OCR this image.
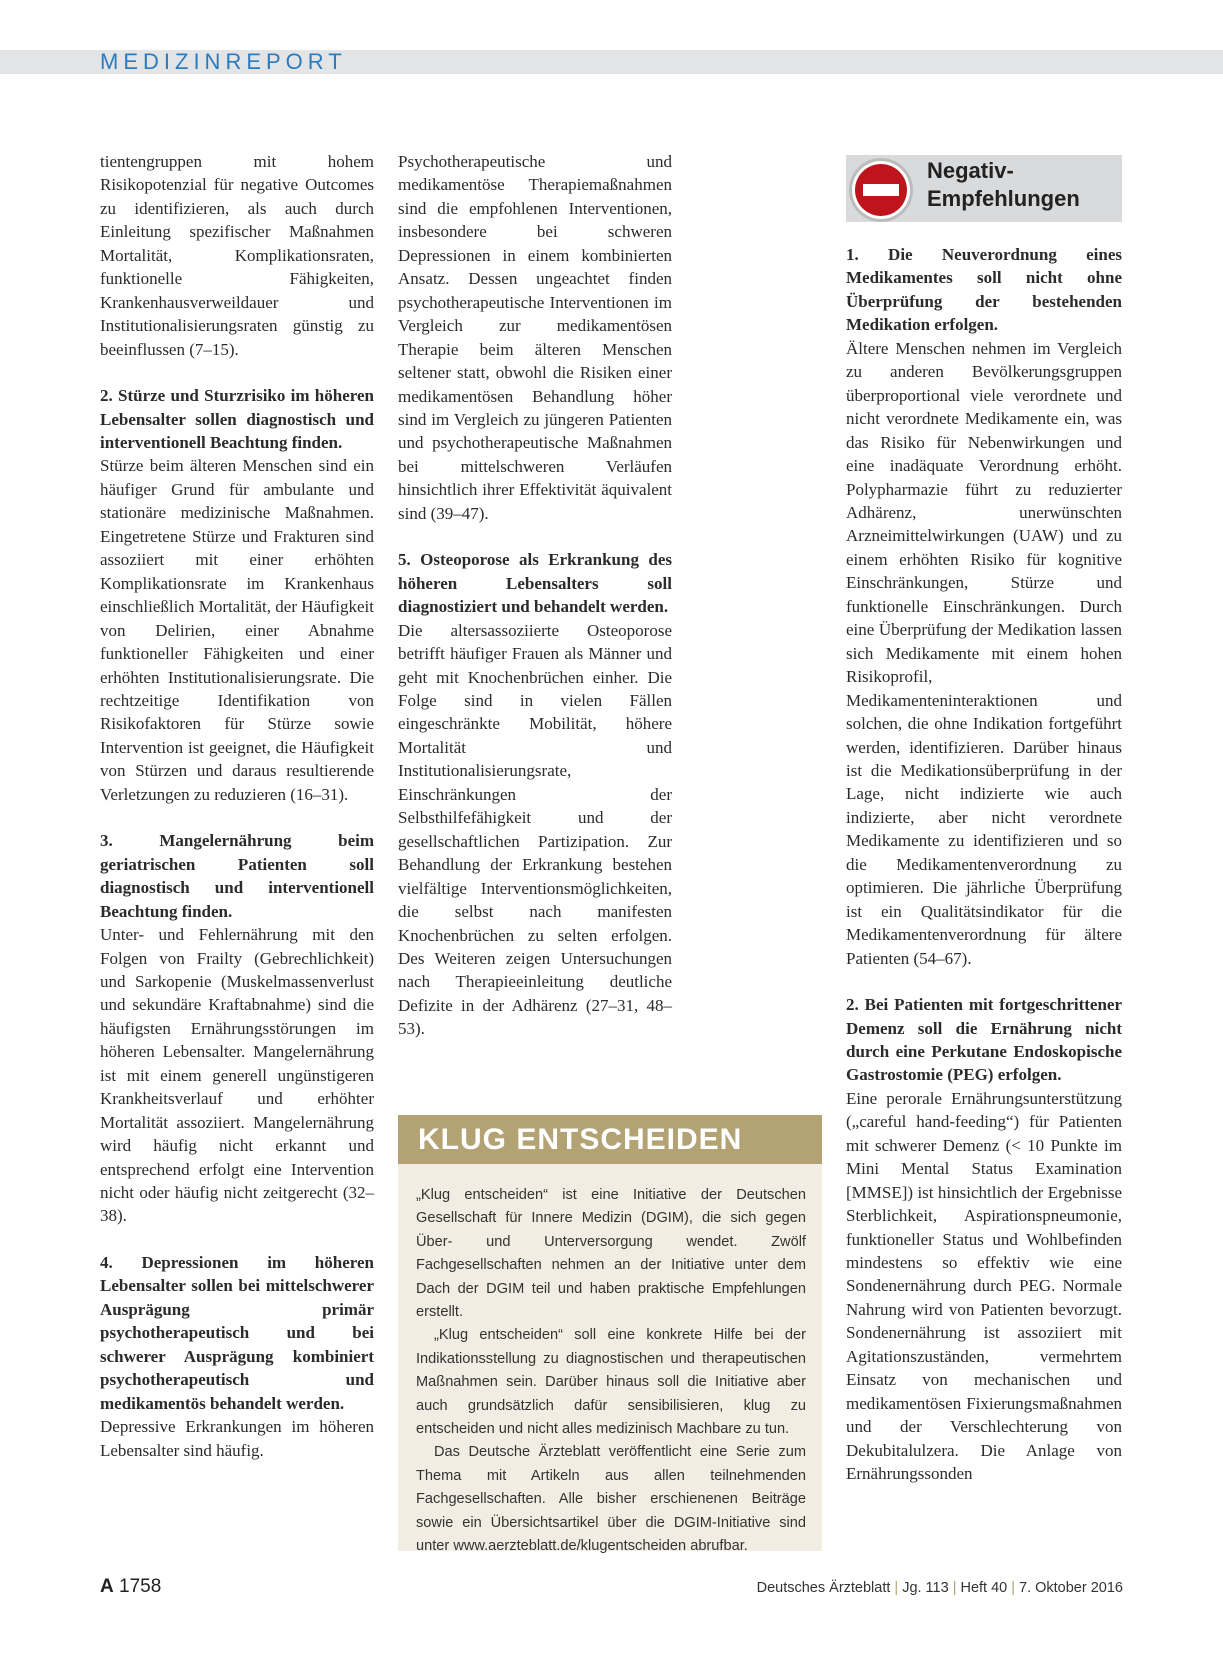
MEDIZINREPORT

tientengruppen mit hohem Risikopotenzial für negative Outcomes zu identifizieren, als auch durch Einleitung spezifischer Maßnahmen Mortalität, Komplikationsraten, funktionelle Fähigkeiten, Krankenhausverweildauer und Institutionalisierungsraten günstig zu beeinflussen (7–15).

2. Stürze und Sturzrisiko im höheren Lebensalter sollen diagnostisch und interventionell Beachtung finden.

Stürze beim älteren Menschen sind ein häufiger Grund für ambulante und stationäre medizinische Maßnahmen. Eingetretene Stürze und Frakturen sind assoziiert mit einer erhöhten Komplikationsrate im Krankenhaus einschließlich Mortalität, der Häufigkeit von Delirien, einer Abnahme funktioneller Fähigkeiten und einer erhöhten Institutionalisierungsrate. Die rechtzeitige Identifikation von Risikofaktoren für Stürze sowie Intervention ist geeignet, die Häufigkeit von Stürzen und daraus resultierende Verletzungen zu reduzieren (16–31).

3. Mangelernährung beim geriatrischen Patienten soll diagnostisch und interventionell Beachtung finden.

Unter- und Fehlernährung mit den Folgen von Frailty (Gebrechlichkeit) und Sarkopenie (Muskelmassenverlust und sekundäre Kraftabnahme) sind die häufigsten Ernährungsstörungen im höheren Lebensalter. Mangelernährung ist mit einem generell ungünstigeren Krankheitsverlauf und erhöhter Mortalität assoziiert. Mangelernährung wird häufig nicht erkannt und entsprechend erfolgt eine Intervention nicht oder häufig nicht zeitgerecht (32–38).

4. Depressionen im höheren Lebensalter sollen bei mittelschwerer Ausprägung primär psychotherapeutisch und bei schwerer Ausprägung kombiniert psychotherapeutisch und medikamentös behandelt werden.

Depressive Erkrankungen im höheren Lebensalter sind häufig.

Psychotherapeutische und medikamentöse Therapiemaßnahmen sind die empfohlenen Interventionen, insbesondere bei schweren Depressionen in einem kombinierten Ansatz. Dessen ungeachtet finden psychotherapeutische Interventionen im Vergleich zur medikamentösen Therapie beim älteren Menschen seltener statt, obwohl die Risiken einer medikamentösen Behandlung höher sind im Vergleich zu jüngeren Patienten und psychotherapeutische Maßnahmen bei mittelschweren Verläufen hinsichtlich ihrer Effektivität äquivalent sind (39–47).

5. Osteoporose als Erkrankung des höheren Lebensalters soll diagnostiziert und behandelt werden.

Die altersassoziierte Osteoporose betrifft häufiger Frauen als Männer und geht mit Knochenbrüchen einher. Die Folge sind in vielen Fällen eingeschränkte Mobilität, höhere Mortalität und Institutionalisierungsrate, Einschränkungen der Selbsthilfefähigkeit und der gesellschaftlichen Partizipation. Zur Behandlung der Erkrankung bestehen vielfältige Interventionsmöglichkeiten, die selbst nach manifesten Knochenbrüchen zu selten erfolgen. Des Weiteren zeigen Untersuchungen nach Therapieeinleitung deutliche Defizite in der Adhärenz (27–31, 48–53).

Negativ-
Empfehlungen

1. Die Neuverordnung eines Medikamentes soll nicht ohne Überprüfung der bestehenden Medikation erfolgen.

Ältere Menschen nehmen im Vergleich zu anderen Bevölkerungsgruppen überproportional viele verordnete und nicht verordnete Medikamente ein, was das Risiko für Nebenwirkungen und eine inadäquate Verordnung erhöht. Polypharmazie führt zu reduzierter Adhärenz, unerwünschten Arzneimittelwirkungen (UAW) und zu einem erhöhten Risiko für kognitive Einschränkungen, Stürze und funktionelle Einschränkungen. Durch eine Überprüfung der Medikation lassen sich Medikamente mit einem hohen Risikoprofil, Medikamenteninteraktionen und solchen, die ohne Indikation fortgeführt werden, identifizieren. Darüber hinaus ist die Medikationsüberprüfung in der Lage, nicht indizierte wie auch indizierte, aber nicht verordnete Medikamente zu identifizieren und so die Medikamentenverordnung zu optimieren. Die jährliche Überprüfung ist ein Qualitätsindikator für die Medikamentenverordnung für ältere Patienten (54–67).

2. Bei Patienten mit fortgeschrittener Demenz soll die Ernährung nicht durch eine Perkutane Endoskopische Gastrostomie (PEG) erfolgen.

Eine perorale Ernährungsunterstützung („careful hand-feeding“) für Patienten mit schwerer Demenz (< 10 Punkte im Mini Mental Status Examination [MMSE]) ist hinsichtlich der Ergebnisse Sterblichkeit, Aspirationspneumonie, funktioneller Status und Wohlbefinden mindestens so effektiv wie eine Sondenernährung durch PEG. Normale Nahrung wird von Patienten bevorzugt. Sondenernährung ist assoziiert mit Agitationszuständen, vermehrtem Einsatz von mechanischen und medikamentösen Fixierungsmaßnahmen und der Verschlechterung von Dekubitalulzera. Die Anlage von Ernährungssonden

KLUG ENTSCHEIDEN

„Klug entscheiden“ ist eine Initiative der Deutschen Gesellschaft für Innere Medizin (DGIM), die sich gegen Über- und Unterversorgung wendet. Zwölf Fachgesellschaften nehmen an der Initiative unter dem Dach der DGIM teil und haben praktische Empfehlungen erstellt.

„Klug entscheiden“ soll eine konkrete Hilfe bei der Indikationsstellung zu diagnostischen und therapeutischen Maßnahmen sein. Darüber hinaus soll die Initiative aber auch grundsätzlich dafür sensibilisieren, klug zu entscheiden und nicht alles medizinisch Machbare zu tun.

Das Deutsche Ärzteblatt veröffentlicht eine Serie zum Thema mit Artikeln aus allen teilnehmenden Fachgesellschaften. Alle bisher erschienenen Beiträge sowie ein Übersichtsartikel über die DGIM-Initiative sind unter www.aerzteblatt.de/klugentscheiden abrufbar.

A 1758	Deutsches Ärzteblatt | Jg. 113 | Heft 40 | 7. Oktober 2016
